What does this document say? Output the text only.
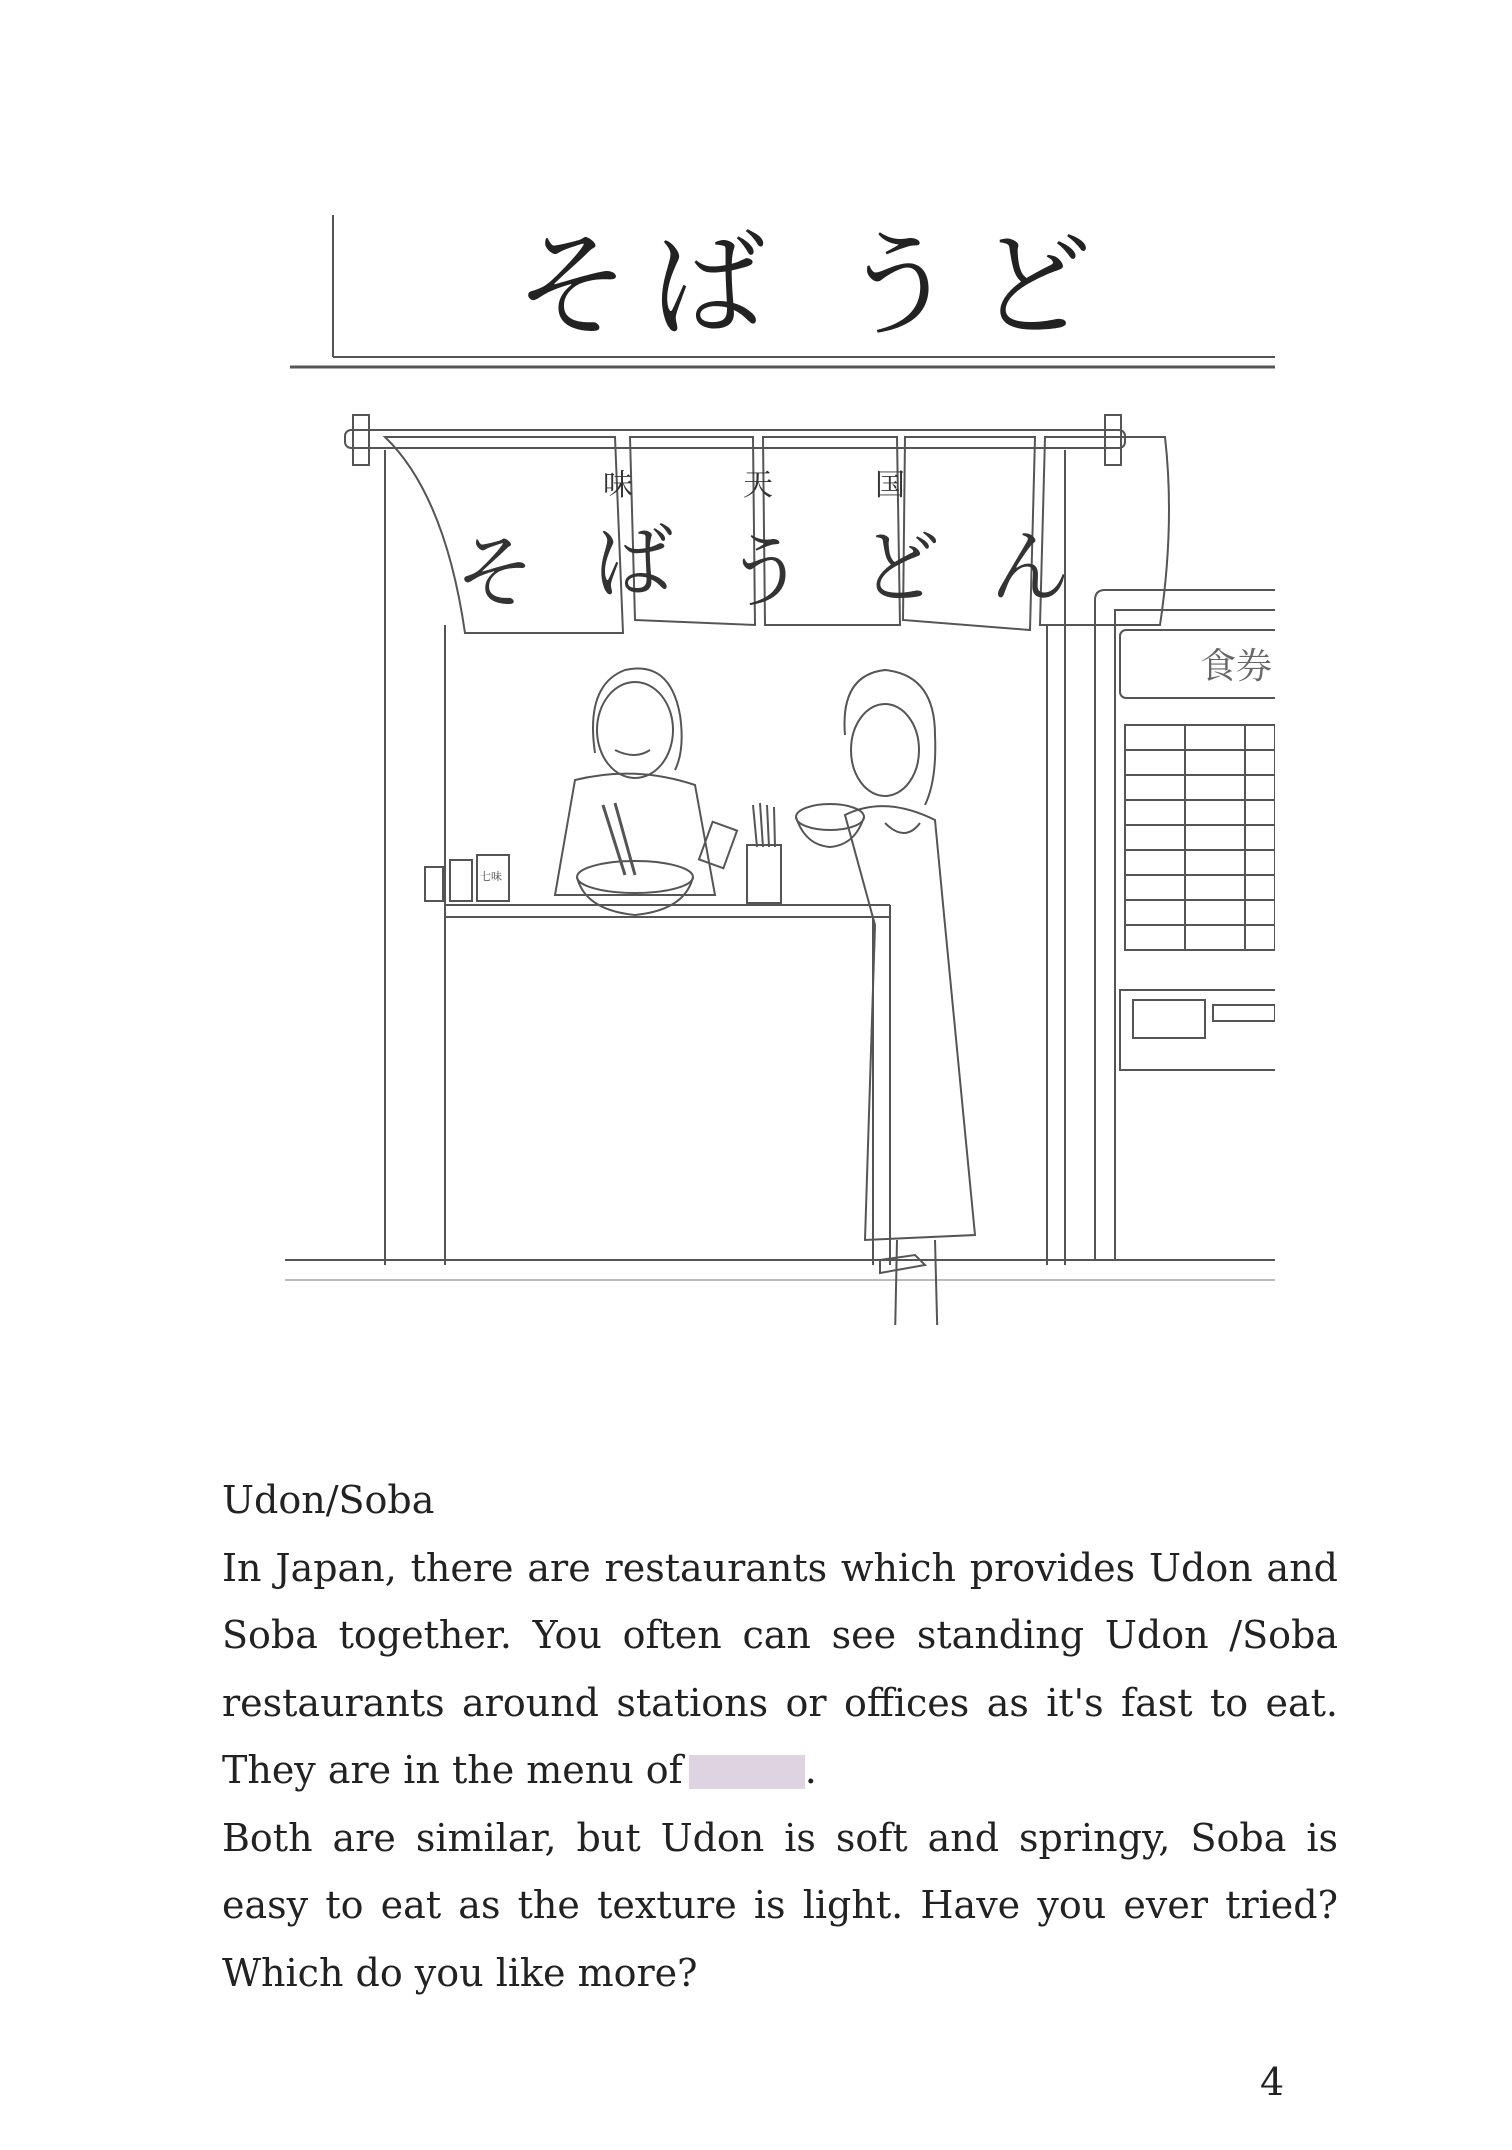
そば うど
味	天	国
そ ば う ど ん
食券
七味
Udon/Soba

In Japan, there are restaurants which provides Udon and Soba together. You often can see standing Udon /Soba restaurants around stations or offices as it's fast to eat. They are in the menu of	.

Both are similar, but Udon is soft and springy, Soba is easy to eat as the texture is light. Have you ever tried? Which do you like more?

4
